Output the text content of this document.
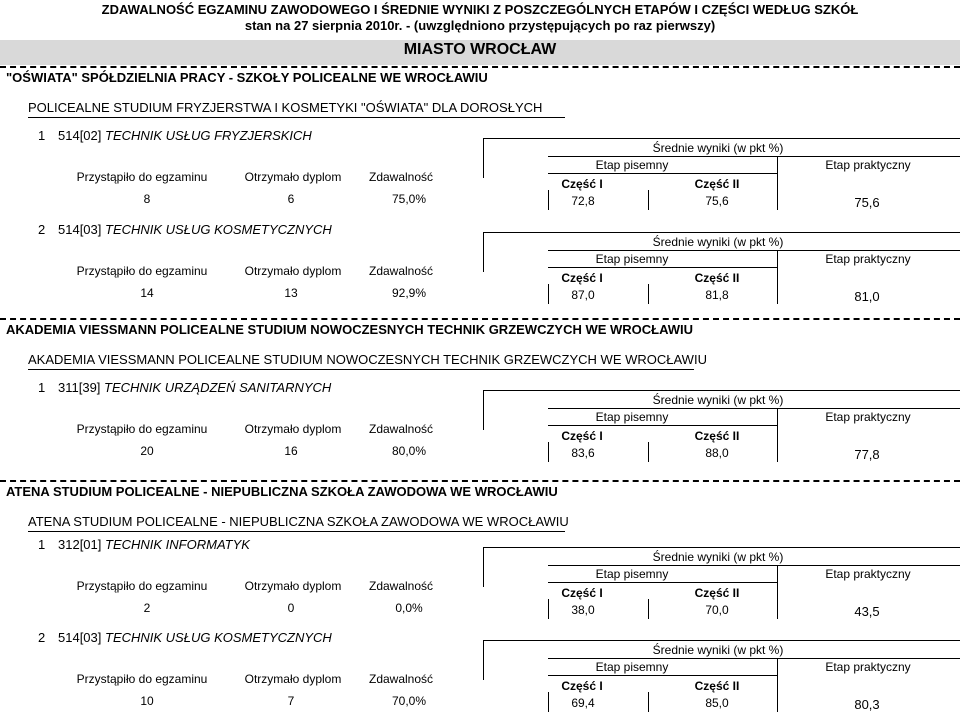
ZDAWALNOŚĆ EGZAMINU ZAWODOWEGO I ŚREDNIE WYNIKI Z POSZCZEGÓLNYCH ETAPÓW I CZĘŚCI WEDŁUG SZKÓŁ
stan na 27 sierpnia 2010r. - (uwzględniono przystępujących po raz pierwszy)
MIASTO WROCŁAW
"OŚWIATA" SPÓŁDZIELNIA PRACY - SZKOŁY POLICEALNE WE WROCŁAWIU
POLICEALNE STUDIUM FRYZJERSTWA I KOSMETYKI "OŚWIATA" DLA DOROSŁYCH
1 514[02] TECHNIK USŁUG FRYZJERSKICH
Średnie wyniki (w pkt %)
Etap pisemny	Etap praktyczny
Część I	Część II
Przystąpiło do egzaminu	Otrzymało dyplom	Zdawalność
8	6	75,0%	72,8	75,6	75,6
2 514[03] TECHNIK USŁUG KOSMETYCZNYCH
Średnie wyniki (w pkt %)
Etap pisemny	Etap praktyczny
Część I	Część II
Przystąpiło do egzaminu	Otrzymało dyplom	Zdawalność
14	13	92,9%	87,0	81,8	81,0
AKADEMIA VIESSMANN POLICEALNE STUDIUM NOWOCZESNYCH TECHNIK GRZEWCZYCH WE WROCŁAWIU
AKADEMIA VIESSMANN POLICEALNE STUDIUM NOWOCZESNYCH TECHNIK GRZEWCZYCH WE WROCŁAWIU
1 311[39] TECHNIK URZĄDZEŃ SANITARNYCH
Średnie wyniki (w pkt %)
Etap pisemny	Etap praktyczny
Część I	Część II
Przystąpiło do egzaminu	Otrzymało dyplom	Zdawalność
20	16	80,0%	83,6	88,0	77,8
ATENA STUDIUM POLICEALNE - NIEPUBLICZNA SZKOŁA ZAWODOWA WE WROCŁAWIU
ATENA STUDIUM POLICEALNE - NIEPUBLICZNA SZKOŁA ZAWODOWA WE WROCŁAWIU
1 312[01] TECHNIK INFORMATYK
Średnie wyniki (w pkt %)
Etap pisemny	Etap praktyczny
Część I	Część II
Przystąpiło do egzaminu	Otrzymało dyplom	Zdawalność
2	0	0,0%	38,0	70,0	43,5
2 514[03] TECHNIK USŁUG KOSMETYCZNYCH
Średnie wyniki (w pkt %)
Etap pisemny	Etap praktyczny
Część I	Część II
Przystąpiło do egzaminu	Otrzymało dyplom	Zdawalność
10	7	70,0%	69,4	85,0	80,3
